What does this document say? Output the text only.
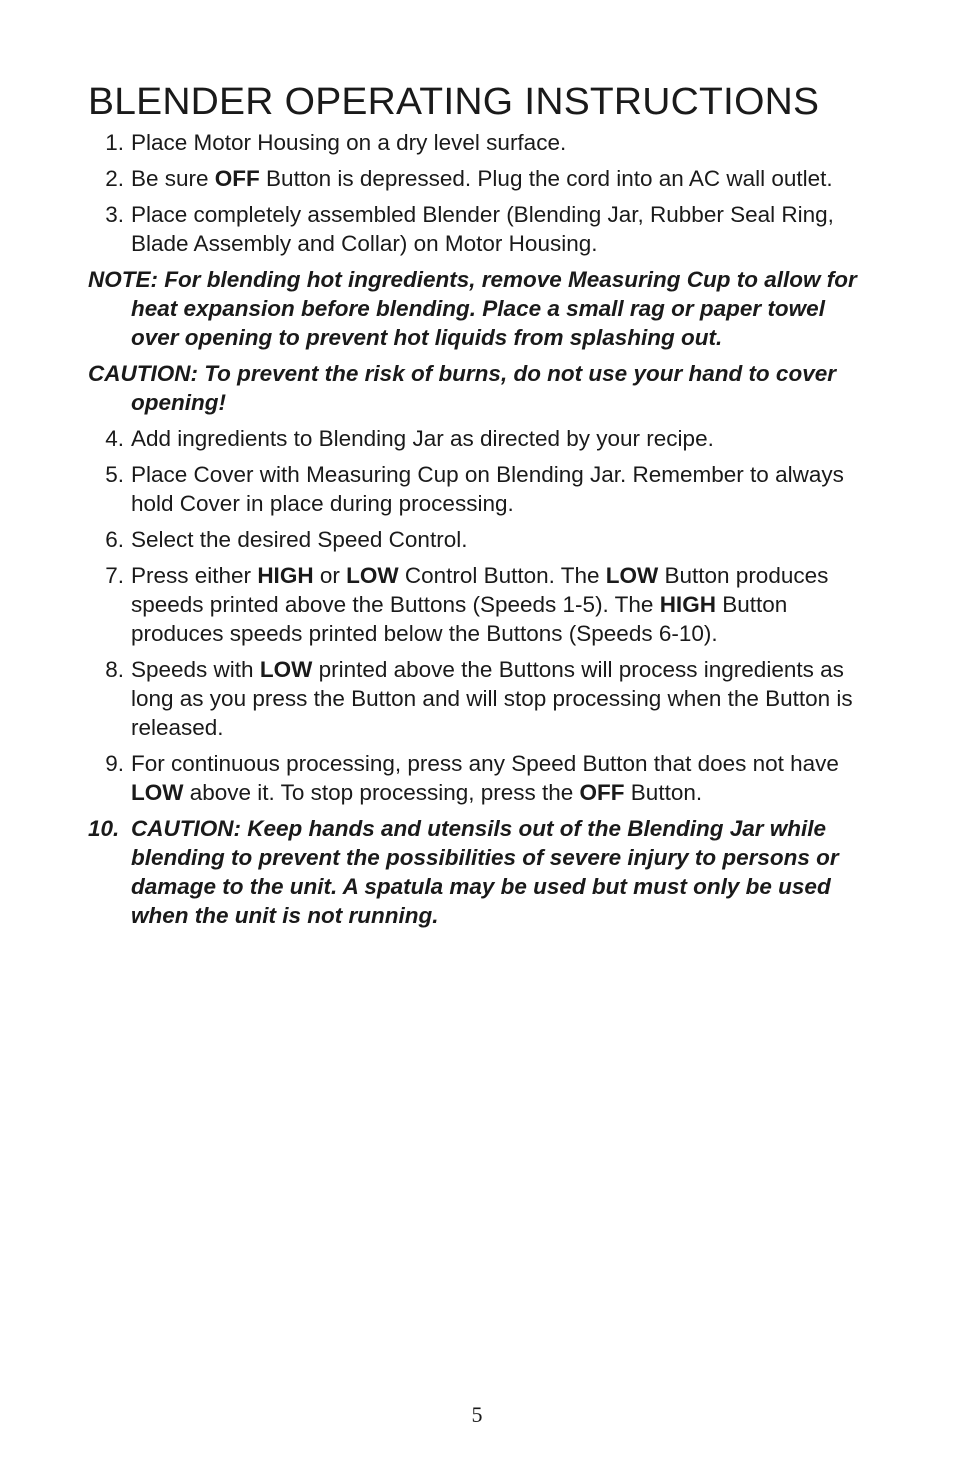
BLENDER OPERATING INSTRUCTIONS
1. Place Motor Housing on a dry level surface.
2. Be sure OFF Button is depressed. Plug the cord into an AC wall outlet.
3. Place completely assembled Blender (Blending Jar, Rubber Seal Ring, Blade Assembly and Collar) on Motor Housing.
NOTE: For blending hot ingredients, remove Measuring Cup to allow for heat expansion before blending. Place a small rag or paper towel over opening to prevent hot liquids from splashing out.
CAUTION: To prevent the risk of burns, do not use your hand to cover opening!
4. Add ingredients to Blending Jar as directed by your recipe.
5. Place Cover with Measuring Cup on Blending Jar. Remember to always hold Cover in place during processing.
6. Select the desired Speed Control.
7. Press either HIGH or LOW Control Button. The LOW Button produces speeds printed above the Buttons (Speeds 1-5). The HIGH Button produces speeds printed below the Buttons (Speeds 6-10).
8. Speeds with LOW printed above the Buttons will process ingredients as long as you press the Button and will stop processing when the Button is released.
9. For continuous processing, press any Speed Button that does not have LOW above it. To stop processing, press the OFF Button.
10. CAUTION: Keep hands and utensils out of the Blending Jar while blending to prevent the possibilities of severe injury to persons or damage to the unit. A spatula may be used but must only be used when the unit is not running.
5
